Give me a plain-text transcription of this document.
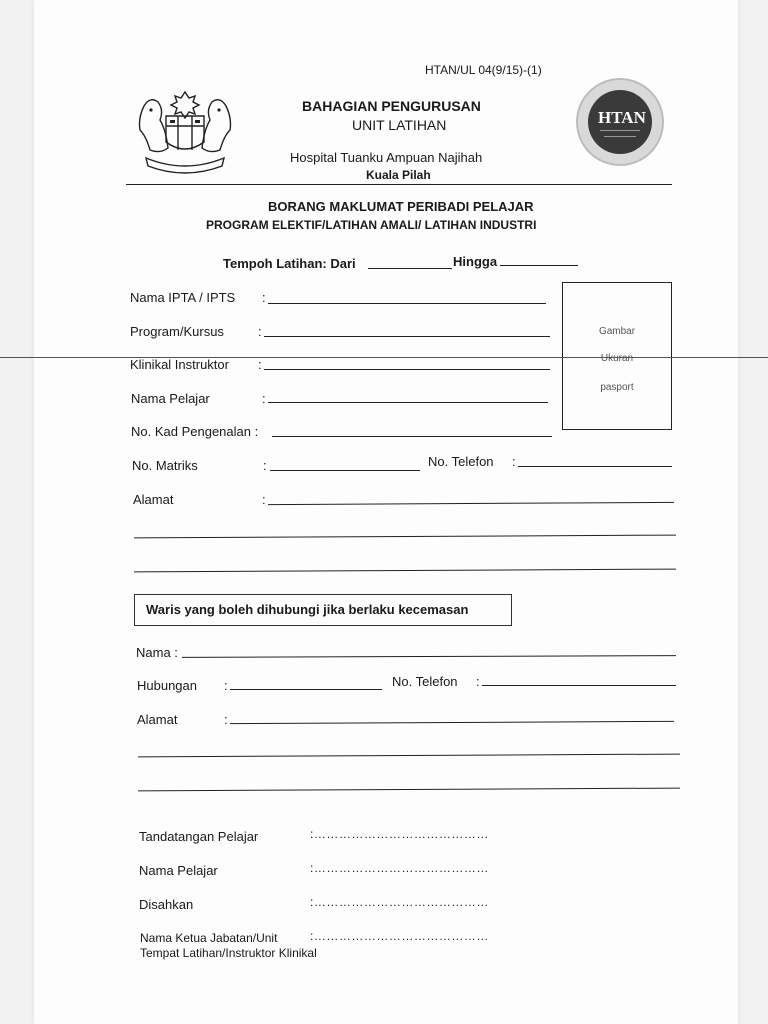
HTAN
HTAN/UL 04(9/15)-(1)
BAHAGIAN PENGURUSAN
UNIT LATIHAN
Hospital Tuanku Ampuan Najihah
Kuala Pilah
BORANG MAKLUMAT PERIBADI PELAJAR
PROGRAM ELEKTIF/LATIHAN AMALI/ LATIHAN INDUSTRI
Tempoh Latihan: Dari	Hingga
Nama IPTA / IPTS :
Program/Kursus	:
Klinikal Instruktor :
Nama Pelajar	:
No. Kad Pengenalan :
No. Matriks	:	No. Telefon :
Alamat	:
Gambar
Ukuran
pasport
Waris yang boleh dihubungi jika berlaku kecemasan
Nama :
Hubungan :	No. Telefon :
Alamat	:
Tandatangan Pelajar	:……………………………………
Nama Pelajar	:……………………………………
Disahkan	:……………………………………
Nama Ketua Jabatan/Unit	:……………………………………
Tempat Latihan/Instruktor Klinikal
